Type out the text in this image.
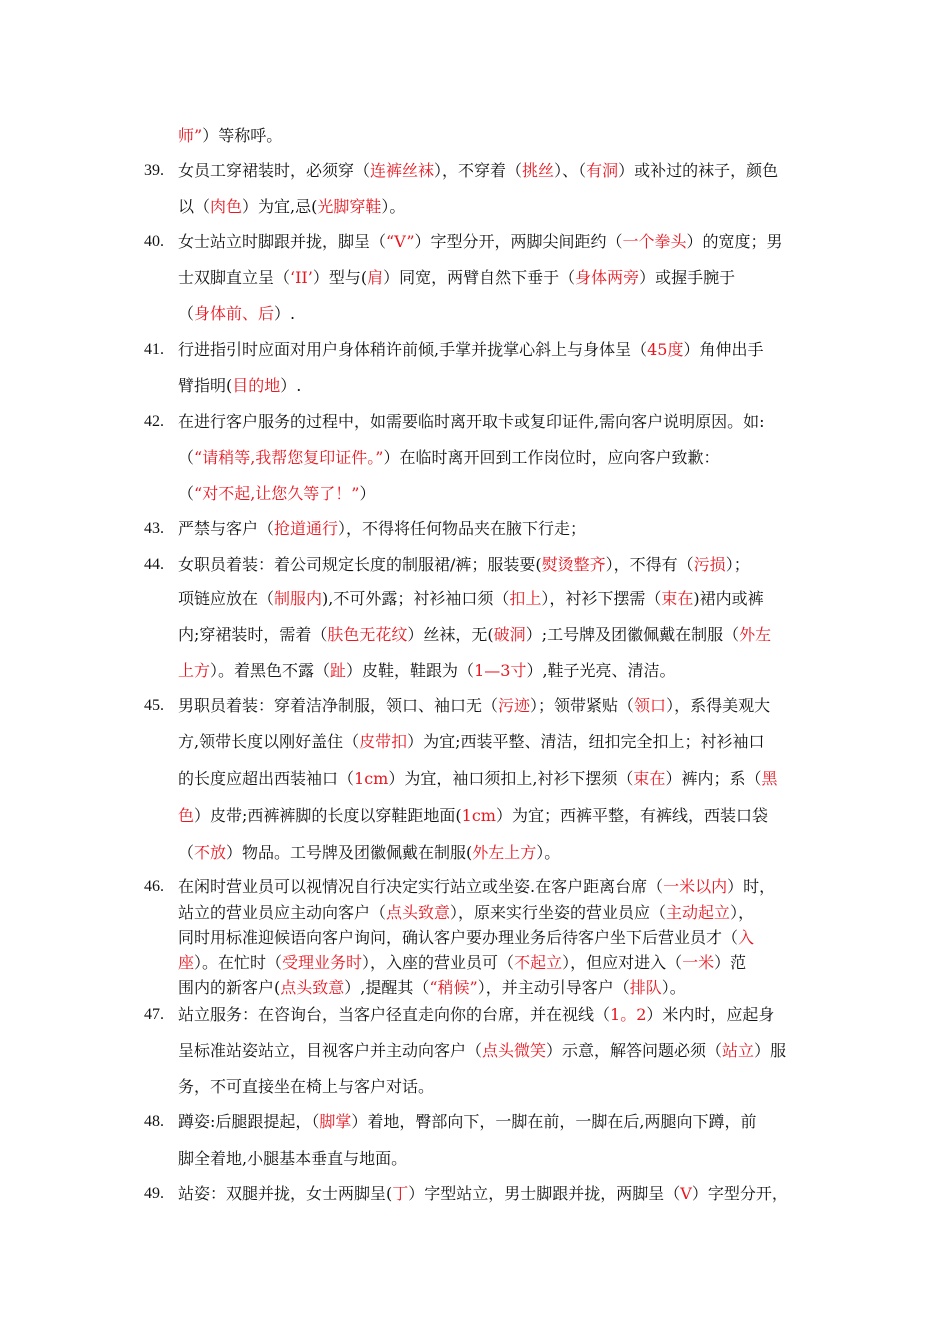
师”）等称呼。
39. 女员工穿裙装时，必须穿（连裤丝袜），不穿着（挑丝）、（有洞）或补过的袜子，颜色
以（肉色）为宜,忌(光脚穿鞋）。
40. 女士站立时脚跟并拢，脚呈（“V”）字型分开，两脚尖间距约（一个拳头）的宽度；男
士双脚直立呈（‘II’）型与(肩）同宽，两臂自然下垂于（身体两旁）或握手腕于
（身体前、后）.
41. 行进指引时应面对用户身体稍许前倾,手掌并拢掌心斜上与身体呈（45度）角伸出手
臂指明(目的地）.
42. 在进行客户服务的过程中，如需要临时离开取卡或复印证件,需向客户说明原因。如:
（“请稍等,我帮您复印证件。”）在临时离开回到工作岗位时，应向客户致歉：
（“对不起,让您久等了！”）
43. 严禁与客户（抢道通行），不得将任何物品夹在腋下行走；
44. 女职员着装：着公司规定长度的制服裙/裤；服装要(熨烫整齐），不得有（污损）；
项链应放在（制服内),不可外露；衬衫袖口须（扣上），衬衫下摆需（束在)裙内或裤
内;穿裙装时，需着（肤色无花纹）丝袜，无(破洞）;工号牌及团徽佩戴在制服（外左
上方）。着黑色不露（趾）皮鞋，鞋跟为（1—3寸）,鞋子光亮、清洁。
45. 男职员着装：穿着洁净制服，领口、袖口无（污迹）；领带紧贴（领口），系得美观大
方,领带长度以刚好盖住（皮带扣）为宜;西装平整、清洁，纽扣完全扣上；衬衫袖口
的长度应超出西装袖口（1cm）为宜，袖口须扣上,衬衫下摆须（束在）裤内；系（黑
色）皮带;西裤裤脚的长度以穿鞋距地面(1cm）为宜；西裤平整，有裤线，西装口袋
（不放）物品。工号牌及团徽佩戴在制服(外左上方）。
46. 在闲时营业员可以视情况自行决定实行站立或坐姿.在客户距离台席（一米以内）时，
站立的营业员应主动向客户（点头致意），原来实行坐姿的营业员应（主动起立），
同时用标准迎候语向客户询问，确认客户要办理业务后待客户坐下后营业员才（入
座）。在忙时（受理业务时），入座的营业员可（不起立），但应对进入（一米）范
围内的新客户(点头致意）,提醒其（“稍候”），并主动引导客户（排队）。
47. 站立服务：在咨询台，当客户径直走向你的台席，并在视线（1。2）米内时，应起身
呈标准站姿站立，目视客户并主动向客户（点头微笑）示意，解答问题必须（站立）服
务，不可直接坐在椅上与客户对话。
48. 蹲姿:后腿跟提起，（脚掌）着地，臀部向下，一脚在前，一脚在后,两腿向下蹲，前
脚全着地,小腿基本垂直与地面。
49. 站姿：双腿并拢，女士两脚呈(丁）字型站立，男士脚跟并拢，两脚呈（V）字型分开，
